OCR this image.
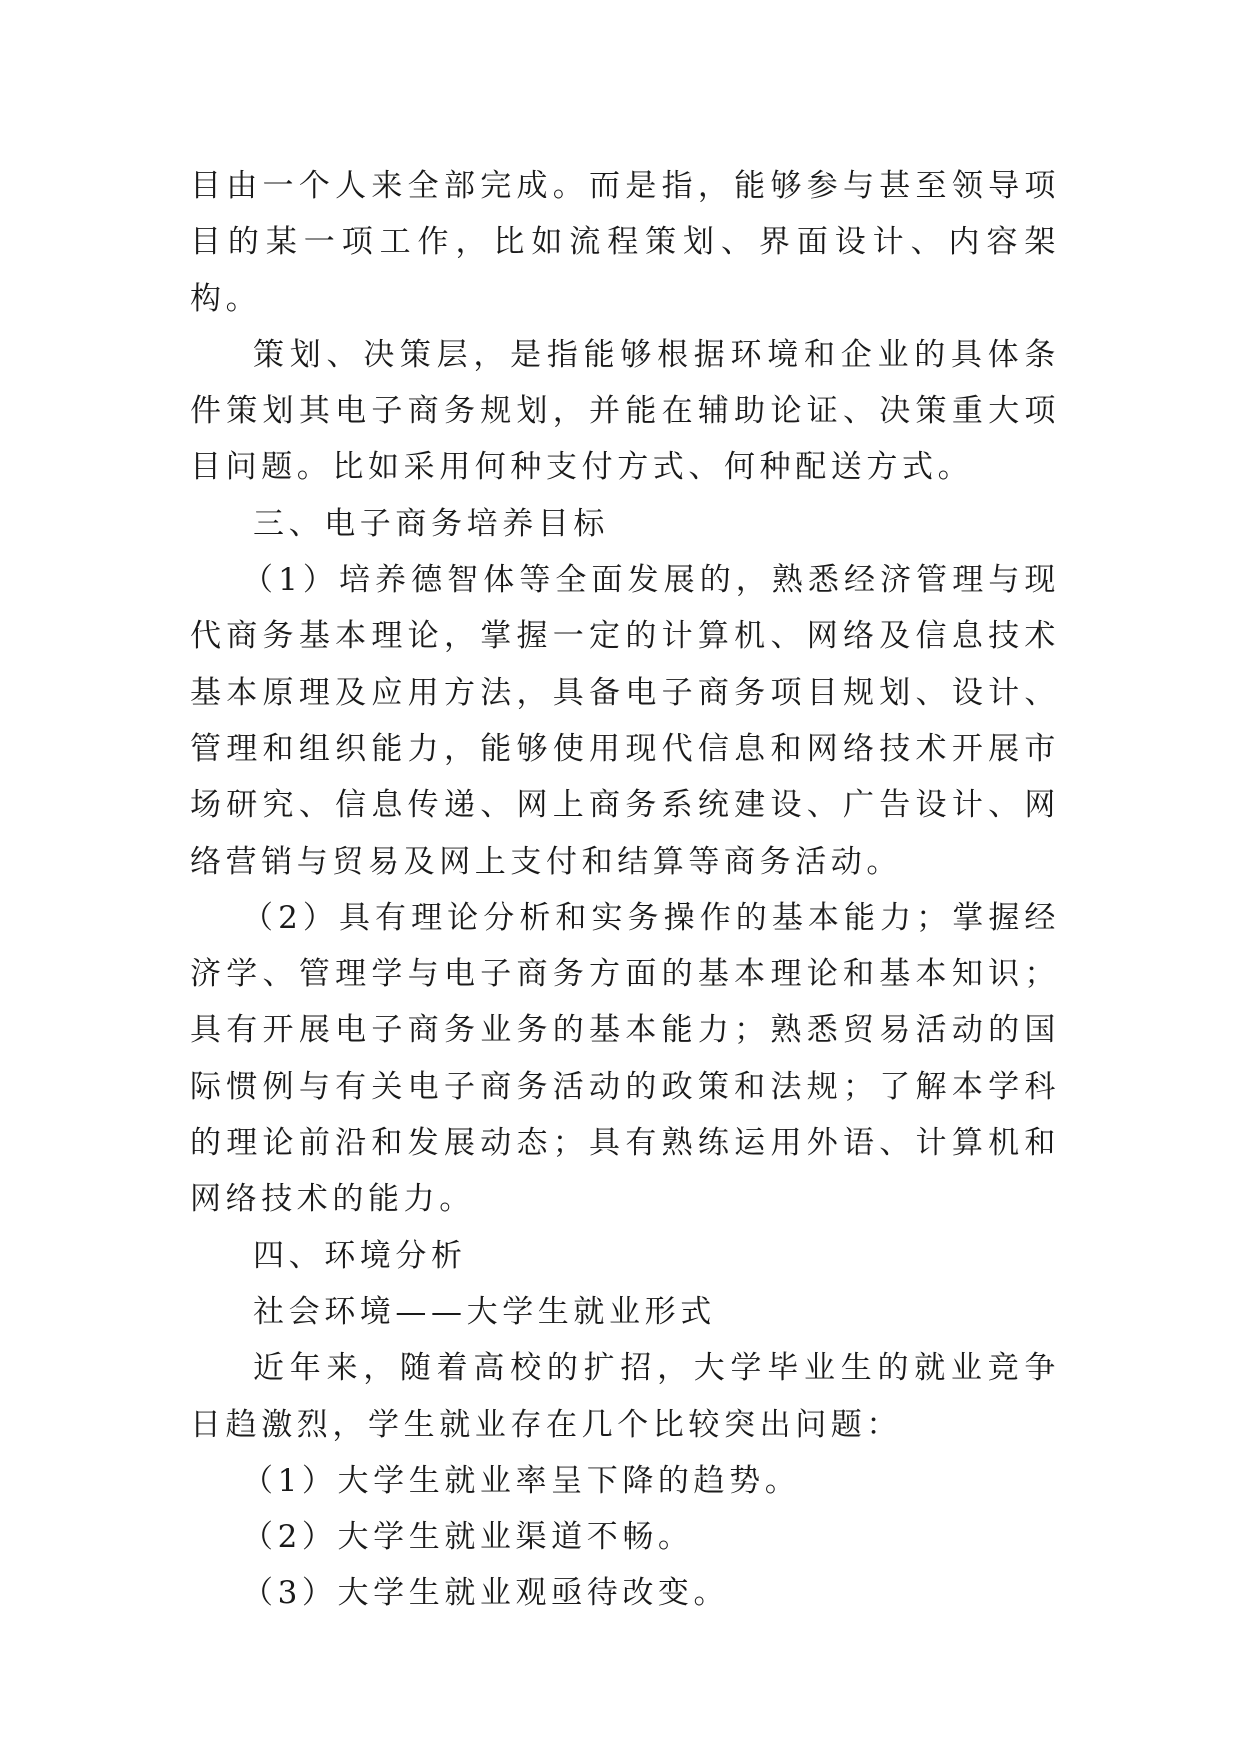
目由一个人来全部完成。而是指，能够参与甚至领导项目的某一项工作，比如流程策划、界面设计、内容架构。

策划、决策层，是指能够根据环境和企业的具体条件策划其电子商务规划，并能在辅助论证、决策重大项目问题。比如采用何种支付方式、何种配送方式。

三、电子商务培养目标

（1）培养德智体等全面发展的，熟悉经济管理与现代商务基本理论，掌握一定的计算机、网络及信息技术基本原理及应用方法，具备电子商务项目规划、设计、管理和组织能力，能够使用现代信息和网络技术开展市场研究、信息传递、网上商务系统建设、广告设计、网络营销与贸易及网上支付和结算等商务活动。

（2）具有理论分析和实务操作的基本能力；掌握经济学、管理学与电子商务方面的基本理论和基本知识；具有开展电子商务业务的基本能力；熟悉贸易活动的国际惯例与有关电子商务活动的政策和法规；了解本学科的理论前沿和发展动态；具有熟练运用外语、计算机和网络技术的能力。

四、环境分析

社会环境——大学生就业形式

近年来，随着高校的扩招，大学毕业生的就业竞争日趋激烈，学生就业存在几个比较突出问题：

（1）大学生就业率呈下降的趋势。

（2）大学生就业渠道不畅。

（3）大学生就业观亟待改变。
